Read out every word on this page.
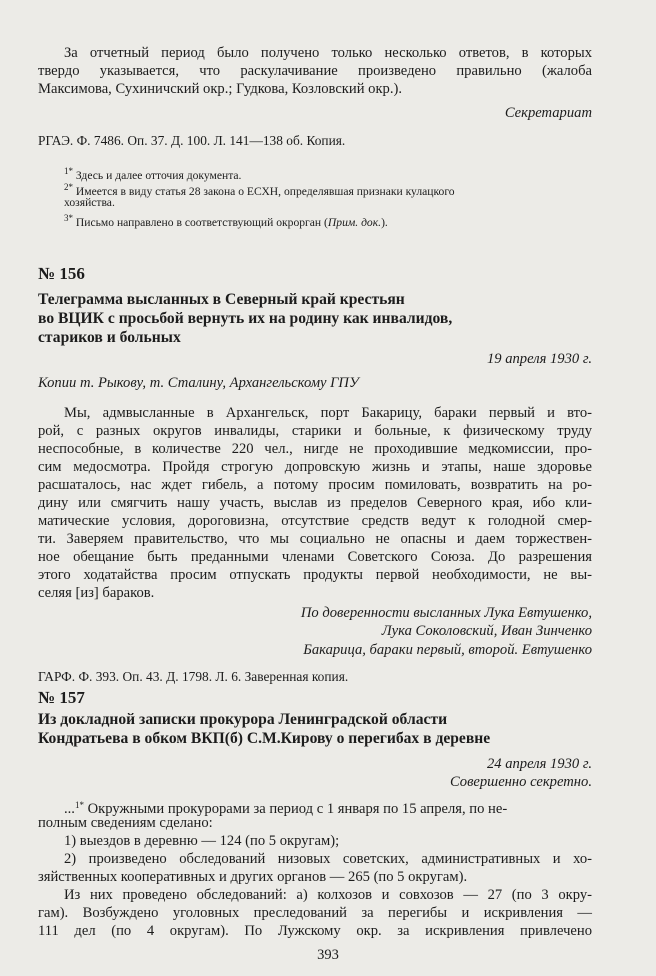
За отчетный период было получено только несколько ответов, в которых

твердо указывается, что раскулачивание произведено правильно (жалоба

Максимова, Сухиничский окр.; Гудкова, Козловский окр.).

Секретариат

РГАЭ. Ф. 7486. Оп. 37. Д. 100. Л. 141—138 об. Копия.

$^{1*}$ Здесь и далее отточия документа.

$^{2*}$ Имеется в виду статья 28 закона о ЕСХН, определявшая признаки кулацкого

хозяйства.

$^{3*}$ Письмо направлено в соответствующий окрорган (Прим. док.).

№ 156

Телеграмма высланных в Северный край крестьян

во ВЦИК с просьбой вернуть их на родину как инвалидов,

стариков и больных

19 апреля 1930 г.

Копии т. Рыкову, т. Сталину, Архангельскому ГПУ

Мы, адмвысланные в Архангельск, порт Бакарицу, бараки первый и вто-

рой, с разных округов инвалиды, старики и больные, к физическому труду

неспособные, в количестве 220 чел., нигде не проходившие медкомиссии, про-

сим медосмотра. Пройдя строгую допровскую жизнь и этапы, наше здоровье

расшаталось, нас ждет гибель, а потому просим помиловать, возвратить на ро-

дину или смягчить нашу участь, выслав из пределов Северного края, ибо кли-

матические условия, дороговизна, отсутствие средств ведут к голодной смер-

ти. Заверяем правительство, что мы социально не опасны и даем торжествен-

ное обещание быть преданными членами Советского Союза. До разрешения

этого ходатайства просим отпускать продукты первой необходимости, не вы-

селяя [из] бараков.

По доверенности высланных Лука Евтушенко,

Лука Соколовский, Иван Зинченко

Бакарица, бараки первый, второй. Евтушенко

ГАРФ. Ф. 393. Оп. 43. Д. 1798. Л. 6. Заверенная копия.

№ 157

Из докладной записки прокурора Ленинградской области

Кондратьева в обком ВКП(б) С.М.Кирову о перегибах в деревне

24 апреля 1930 г.

Совершенно секретно.

...$^{1*}$ Окружными прокурорами за период с 1 января по 15 апреля, по не-

полным сведениям сделано:

1) выездов в деревню — 124 (по 5 округам);

2) произведено обследований низовых советских, административных и хо-

зяйственных кооперативных и других органов — 265 (по 5 округам).

Из них проведено обследований: а) колхозов и совхозов — 27 (по 3 окру-

гам). Возбуждено уголовных преследований за перегибы и искривления —

111 дел (по 4 округам). По Лужскому окр. за искривления привлечено

393
